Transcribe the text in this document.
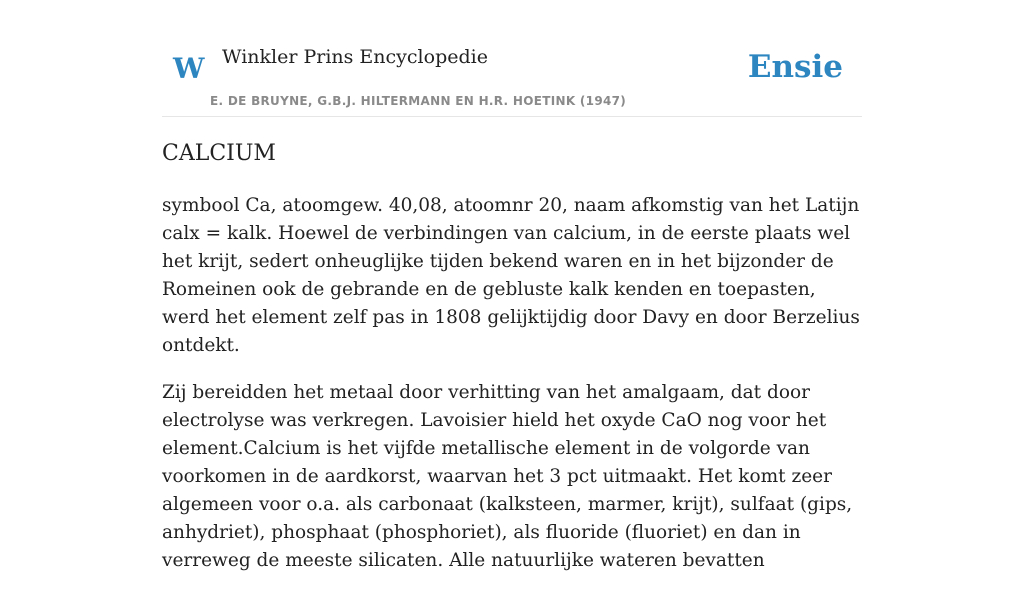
W Winkler Prins Encyclopedie
E. DE BRUYNE, G.B.J. HILTERMANN EN H.R. HOETINK (1947)
Ensie
CALCIUM

symbool Ca, atoomgew. 40,08, atoomnr 20, naam afkomstig van het Latijn calx = kalk. Hoewel de verbindingen van calcium, in de eerste plaats wel het krijt, sedert onheuglijke tijden bekend waren en in het bijzonder de Romeinen ook de gebrande en de gebluste kalk kenden en toepasten, werd het element zelf pas in 1808 gelijktijdig door Davy en door Berzelius ontdekt.

Zij bereidden het metaal door verhitting van het amalgaam, dat door electrolyse was verkregen. Lavoisier hield het oxyde CaO nog voor het element.Calcium is het vijfde metallische element in de volgorde van voorkomen in de aardkorst, waarvan het 3 pct uitmaakt. Het komt zeer algemeen voor o.a. als carbonaat (kalksteen, marmer, krijt), sulfaat (gips, anhydriet), phosphaat (phosphoriet), als fluoride (fluoriet) en dan in verreweg de meeste silicaten. Alle natuurlijke wateren bevatten
